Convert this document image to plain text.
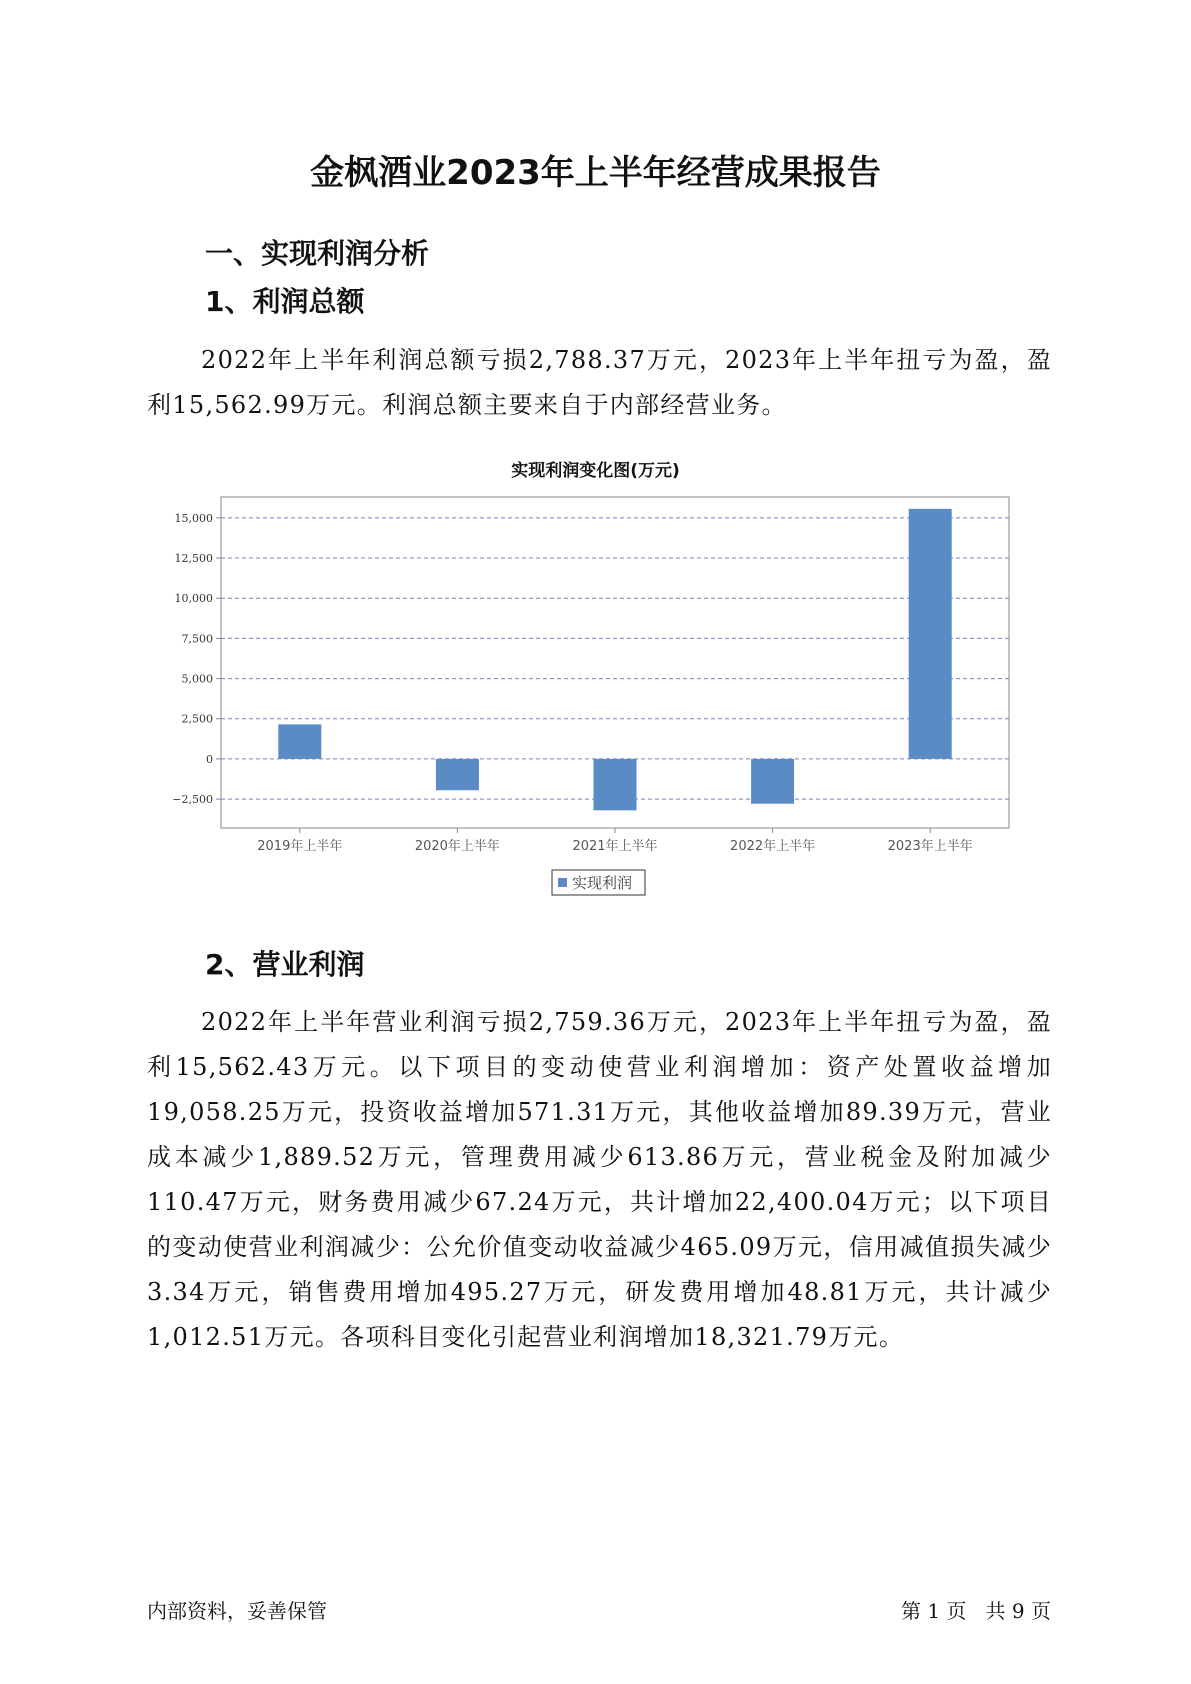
金枫酒业2023年上半年经营成果报告
一、实现利润分析
1、利润总额
2022年上半年利润总额亏损2,788.37万元，2023年上半年扭亏为盈，盈利15,562.99万元。利润总额主要来自于内部经营业务。
实现利润变化图(万元)
−2,500
0
2,500
5,000
7,500
10,000
12,500
15,000
2019年上半年	2020年上半年	2021年上半年	2022年上半年	2023年上半年
实现利润
2、营业利润
2022年上半年营业利润亏损2,759.36万元，2023年上半年扭亏为盈，盈利15,562.43万元。以下项目的变动使营业利润增加：资产处置收益增加19,058.25万元，投资收益增加571.31万元，其他收益增加89.39万元，营业成本减少1,889.52万元，管理费用减少613.86万元，营业税金及附加减少110.47万元，财务费用减少67.24万元，共计增加22,400.04万元；以下项目的变动使营业利润减少：公允价值变动收益减少465.09万元，信用减值损失减少3.34万元，销售费用增加495.27万元，研发费用增加48.81万元，共计减少1,012.51万元。各项科目变化引起营业利润增加18,321.79万元。
内部资料，妥善保管	第 1 页   共 9 页
